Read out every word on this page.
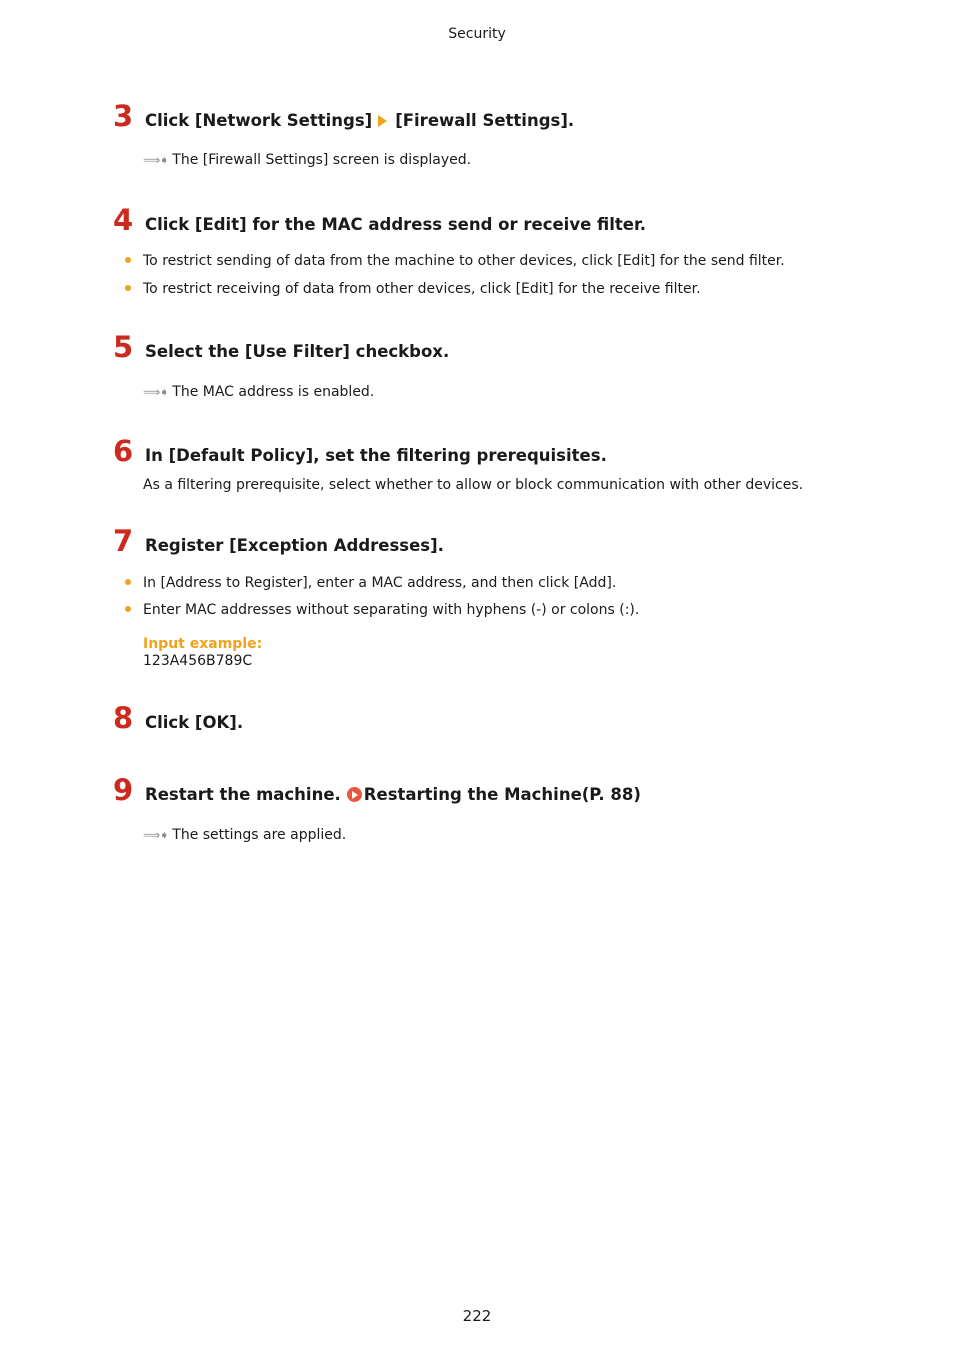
Security
3 Click [Network Settings] [Firewall Settings].
⟹➧ The [Firewall Settings] screen is displayed.
4 Click [Edit] for the MAC address send or receive filter.
To restrict sending of data from the machine to other devices, click [Edit] for the send filter.
To restrict receiving of data from other devices, click [Edit] for the receive filter.
5 Select the [Use Filter] checkbox.
⟹➧ The MAC address is enabled.
6 In [Default Policy], set the filtering prerequisites.
As a filtering prerequisite, select whether to allow or block communication with other devices.
7 Register [Exception Addresses].
In [Address to Register], enter a MAC address, and then click [Add].
Enter MAC addresses without separating with hyphens (-) or colons (:).
Input example:
123A456B789C
8 Click [OK].
9 Restart the machine. Restarting the Machine(P. 88)
⟹➧ The settings are applied.
222
